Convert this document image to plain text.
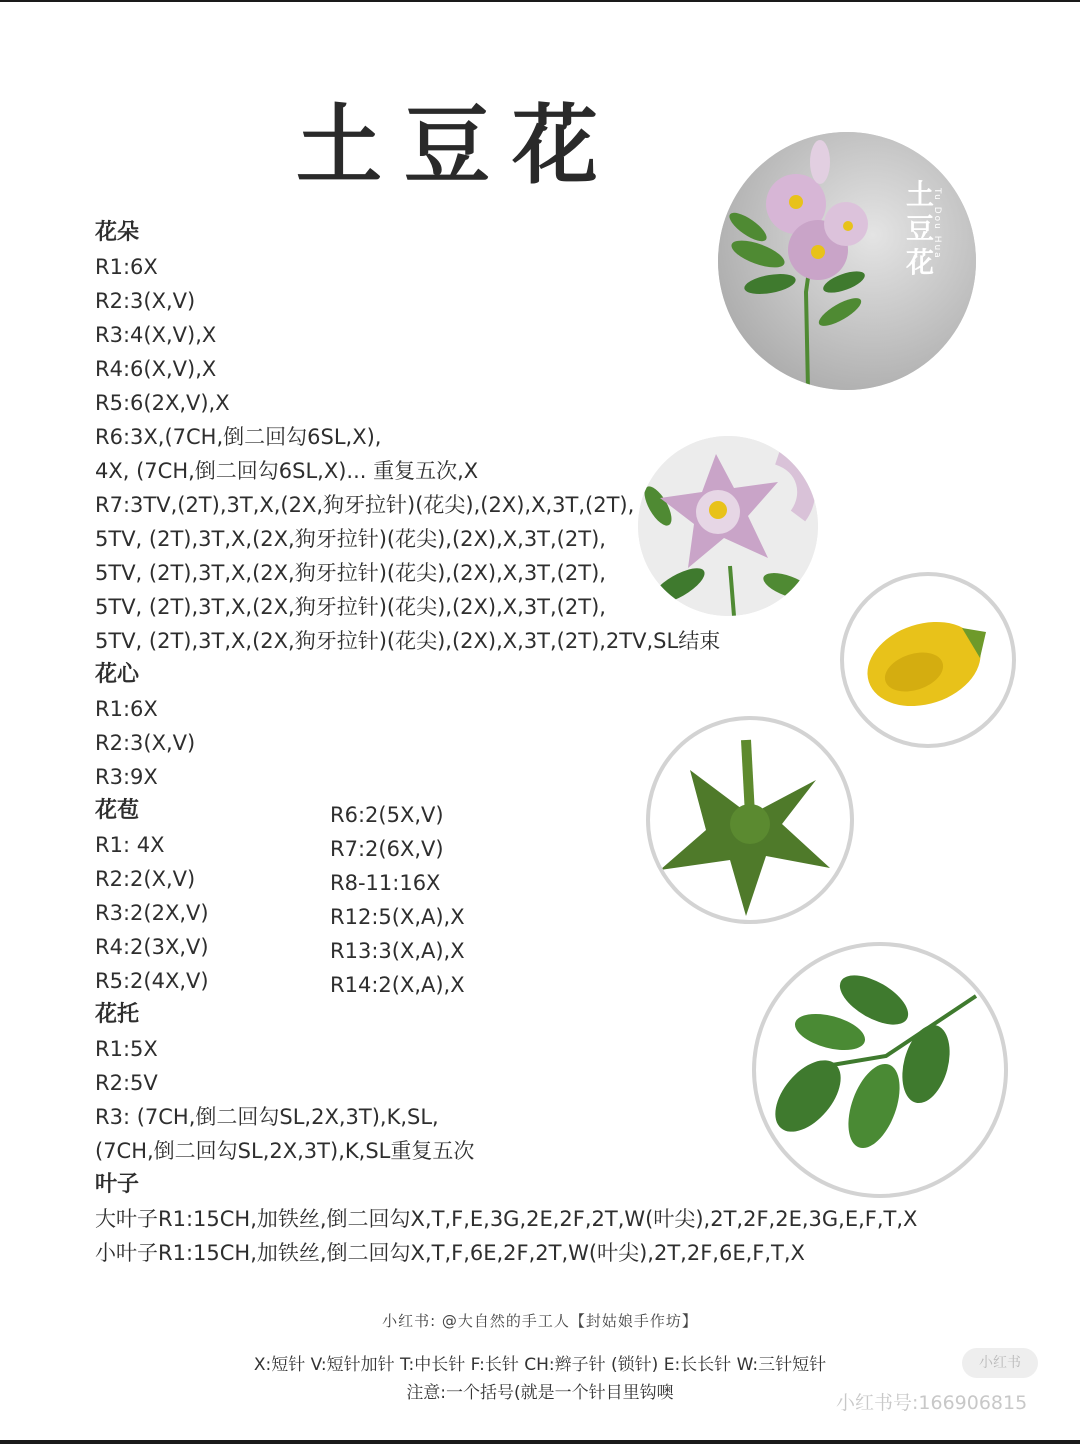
土豆花
花朵
R1:6X
R2:3(X,V)
R3:4(X,V),X
R4:6(X,V),X
R5:6(2X,V),X
R6:3X,(7CH,倒二回勾6SL,X),
4X, (7CH,倒二回勾6SL,X)... 重复五次,X
R7:3TV,(2T),3T,X,(2X,狗牙拉针)(花尖),(2X),X,3T,(2T),
5TV, (2T),3T,X,(2X,狗牙拉针)(花尖),(2X),X,3T,(2T),
5TV, (2T),3T,X,(2X,狗牙拉针)(花尖),(2X),X,3T,(2T),
5TV, (2T),3T,X,(2X,狗牙拉针)(花尖),(2X),X,3T,(2T),
5TV, (2T),3T,X,(2X,狗牙拉针)(花尖),(2X),X,3T,(2T),2TV,SL结束
花心
R1:6X
R2:3(X,V)
R3:9X
花苞
R1: 4X
R2:2(X,V)
R3:2(2X,V)
R4:2(3X,V)
R5:2(4X,V)
花托
R1:5X
R2:5V
R3: (7CH,倒二回勾SL,2X,3T),K,SL,
(7CH,倒二回勾SL,2X,3T),K,SL重复五次
叶子
大叶子R1:15CH,加铁丝,倒二回勾X,T,F,E,3G,2E,2F,2T,W(叶尖),2T,2F,2E,3G,E,F,T,X
小叶子R1:15CH,加铁丝,倒二回勾X,T,F,6E,2F,2T,W(叶尖),2T,2F,6E,F,T,X
R6:2(5X,V)
R7:2(6X,V)
R8-11:16X
R12:5(X,A),X
R13:3(X,A),X
R14:2(X,A),X
土豆花
Tu Dou Hua
小红书: @大自然的手工人【封姑娘手作坊】
X:短针 V:短针加针 T:中长针 F:长针 CH:辫子针 (锁针) E:长长针 W:三针短针
注意:一个括号(就是一个针目里钩噢
小红书
小红书号:166906815
